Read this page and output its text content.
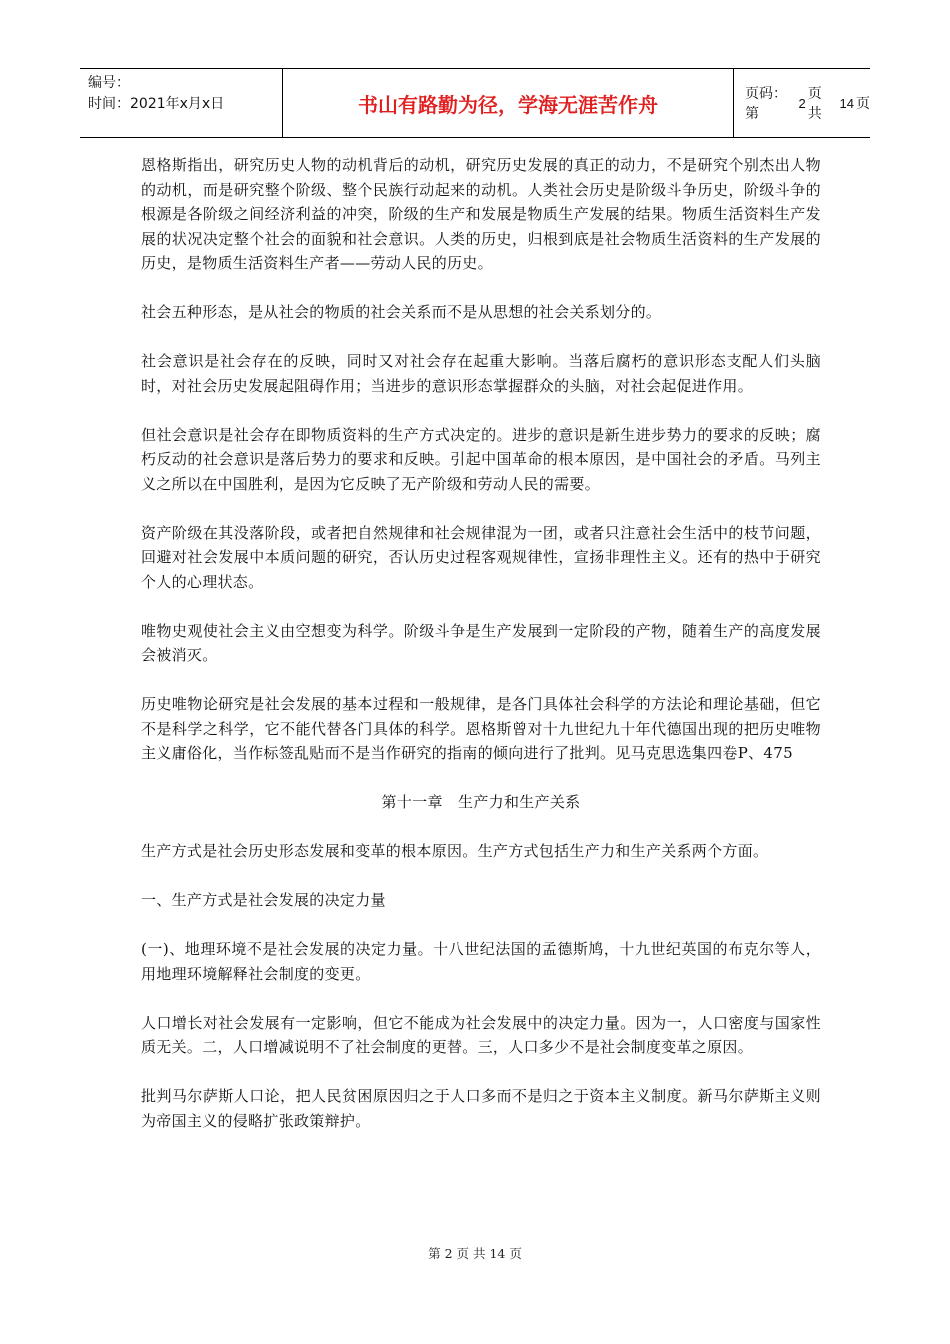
编号：
时间：2021年x月x日	书山有路勤为径，学海无涯苦作舟	页码：第
2
页 共
14 页

恩格斯指出，研究历史人物的动机背后的动机，研究历史发展的真正的动力，不是研究个别杰出人物的动机，而是研究整个阶级、整个民族行动起来的动机。人类社会历史是阶级斗争历史，阶级斗争的根源是各阶级之间经济利益的冲突，阶级的生产和发展是物质生产发展的结果。物质生活资料生产发展的状况决定整个社会的面貌和社会意识。人类的历史，归根到底是社会物质生活资料的生产发展的历史，是物质生活资料生产者——劳动人民的历史。

社会五种形态，是从社会的物质的社会关系而不是从思想的社会关系划分的。

社会意识是社会存在的反映，同时又对社会存在起重大影响。当落后腐朽的意识形态支配人们头脑时，对社会历史发展起阻碍作用；当进步的意识形态掌握群众的头脑，对社会起促进作用。

但社会意识是社会存在即物质资料的生产方式决定的。进步的意识是新生进步势力的要求的反映；腐朽反动的社会意识是落后势力的要求和反映。引起中国革命的根本原因，是中国社会的矛盾。马列主义之所以在中国胜利，是因为它反映了无产阶级和劳动人民的需要。

资产阶级在其没落阶段，或者把自然规律和社会规律混为一团，或者只注意社会生活中的枝节问题，回避对社会发展中本质问题的研究，否认历史过程客观规律性，宣扬非理性主义。还有的热中于研究个人的心理状态。

唯物史观使社会主义由空想变为科学。阶级斗争是生产发展到一定阶段的产物，随着生产的高度发展会被消灭。

历史唯物论研究是社会发展的基本过程和一般规律，是各门具体社会科学的方法论和理论基础，但它不是科学之科学，它不能代替各门具体的科学。恩格斯曾对十九世纪九十年代德国出现的把历史唯物主义庸俗化，当作标签乱贴而不是当作研究的指南的倾向进行了批判。见马克思选集四卷P、475

第十一章　生产力和生产关系

生产方式是社会历史形态发展和变革的根本原因。生产方式包括生产力和生产关系两个方面。

一、生产方式是社会发展的决定力量

(一)、地理环境不是社会发展的决定力量。十八世纪法国的孟德斯鸠，十九世纪英国的布克尔等人，用地理环境解释社会制度的变更。

人口增长对社会发展有一定影响，但它不能成为社会发展中的决定力量。因为一，人口密度与国家性质无关。二，人口增减说明不了社会制度的更替。三，人口多少不是社会制度变革之原因。

批判马尔萨斯人口论，把人民贫困原因归之于人口多而不是归之于资本主义制度。新马尔萨斯主义则为帝国主义的侵略扩张政策辩护。

第 2 页 共 14 页
